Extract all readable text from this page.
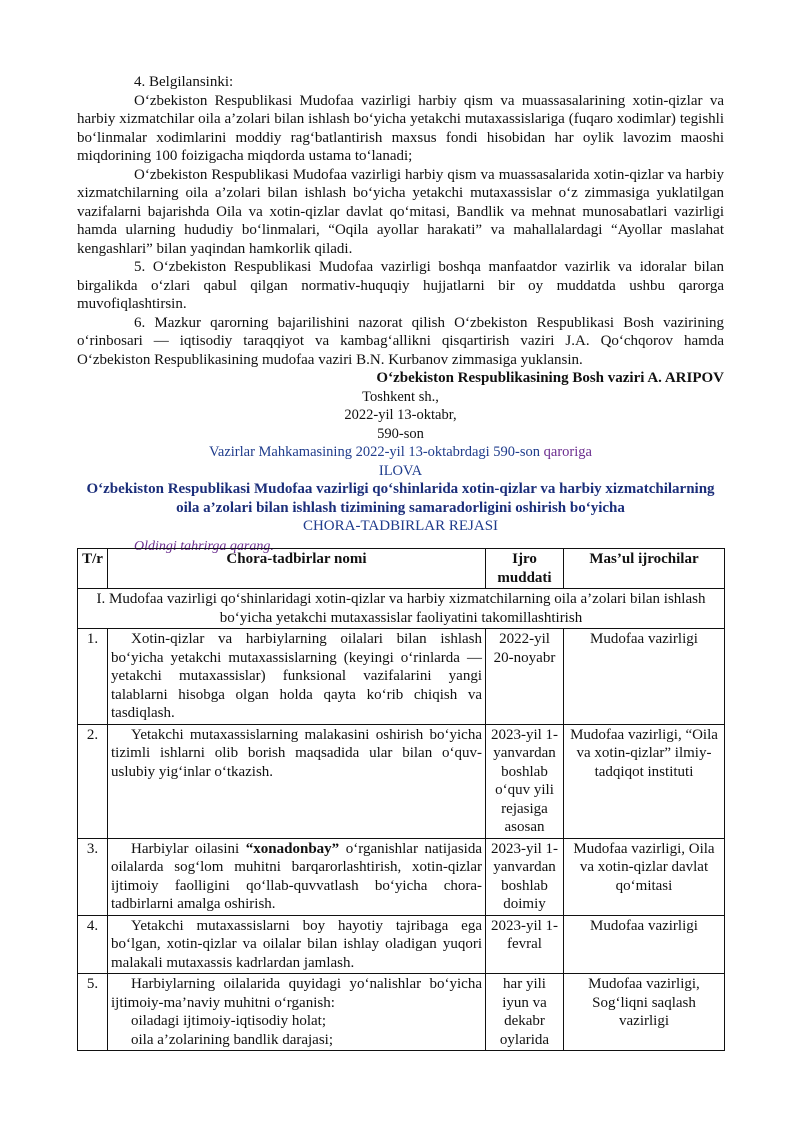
4. Belgilansinki:

O‘zbekiston Respublikasi Mudofaa vazirligi harbiy qism va muassasalarining xotin-qizlar va harbiy xizmatchilar oila a’zolari bilan ishlash bo‘yicha yetakchi mutaxassislariga (fuqaro xodimlar) tegishli bo‘linmalar xodimlarini moddiy rag‘batlantirish maxsus fondi hisobidan har oylik lavozim maoshi miqdorining 100 foizigacha miqdorda ustama to‘lanadi;

O‘zbekiston Respublikasi Mudofaa vazirligi harbiy qism va muassasalarida xotin-qizlar va harbiy xizmatchilarning oila a’zolari bilan ishlash bo‘yicha yetakchi mutaxassislar o‘z zimmasiga yuklatilgan vazifalarni bajarishda Oila va xotin-qizlar davlat qo‘mitasi, Bandlik va mehnat munosabatlari vazirligi hamda ularning hududiy bo‘linmalari, “Oqila ayollar harakati” va mahallalardagi “Ayollar maslahat kengashlari” bilan yaqindan hamkorlik qiladi.

5. O‘zbekiston Respublikasi Mudofaa vazirligi boshqa manfaatdor vazirlik va idoralar bilan birgalikda o‘zlari qabul qilgan normativ-huquqiy hujjatlarni bir oy muddatda ushbu qarorga muvofiqlashtirsin.

6. Mazkur qarorning bajarilishini nazorat qilish O‘zbekiston Respublikasi Bosh vazirining o‘rinbosari — iqtisodiy taraqqiyot va kambag‘allikni qisqartirish vaziri J.A. Qo‘chqorov hamda O‘zbekiston Respublikasining mudofaa vaziri B.N. Kurbanov zimmasiga yuklansin.

O‘zbekiston Respublikasining Bosh vaziri A. ARIPOV

Toshkent sh.,

2022-yil 13-oktabr,

590-son

Vazirlar Mahkamasining 2022-yil 13-oktabrdagi 590-son qaroriga

ILOVA

O‘zbekiston Respublikasi Mudofaa vazirligi qo‘shinlarida xotin-qizlar va harbiy xizmatchilarning oila a’zolari bilan ishlash tizimining samaradorligini oshirish bo‘yicha

CHORA-TADBIRLAR REJASI

Oldingi tahrirga qarang.

T/r	Chora-tadbirlar nomi	Ijro muddati	Mas’ul ijrochilar
I. Mudofaa vazirligi qo‘shinlaridagi xotin-qizlar va harbiy xizmatchilarning oila a’zolari bilan ishlash bo‘yicha yetakchi mutaxassislar faoliyatini takomillashtirish			
1.	Xotin-qizlar va harbiylarning oilalari bilan ishlash bo‘yicha yetakchi mutaxassislarning (keyingi o‘rinlarda — yetakchi mutaxassislar) funksional vazifalarini yangi talablarni hisobga olgan holda qayta ko‘rib chiqish va tasdiqlash.	2022-yil 20-noyabr	Mudofaa vazirligi
2.	Yetakchi mutaxassislarning malakasini oshirish bo‘yicha tizimli ishlarni olib borish maqsadida ular bilan o‘quv-uslubiy yig‘inlar o‘tkazish.	2023-yil 1-yanvardan boshlab o‘quv yili rejasiga asosan	Mudofaa vazirligi, “Oila va xotin-qizlar” ilmiy-tadqiqot instituti
3.	Harbiylar oilasini “xonadonbay” o‘rganishlar natijasida oilalarda sog‘lom muhitni barqarorlashtirish, xotin-qizlar ijtimoiy faolligini qo‘llab-quvvatlash bo‘yicha chora-tadbirlarni amalga oshirish.	2023-yil 1-yanvardan boshlab doimiy	Mudofaa vazirligi, Oila va xotin-qizlar davlat qo‘mitasi
4.	Yetakchi mutaxassislarni boy hayotiy tajribaga ega bo‘lgan, xotin-qizlar va oilalar bilan ishlay oladigan yuqori malakali mutaxassis kadrlardan jamlash.	2023-yil 1-fevral	Mudofaa vazirligi
5.	Harbiylarning oilalarida quyidagi yo‘nalishlar bo‘yicha ijtimoiy-ma’naviy muhitni o‘rganish:
oiladagi ijtimoiy-iqtisodiy holat;
oila a’zolarining bandlik darajasi;	har yili iyun va dekabr oylarida	Mudofaa vazirligi, Sog‘liqni saqlash vazirligi
